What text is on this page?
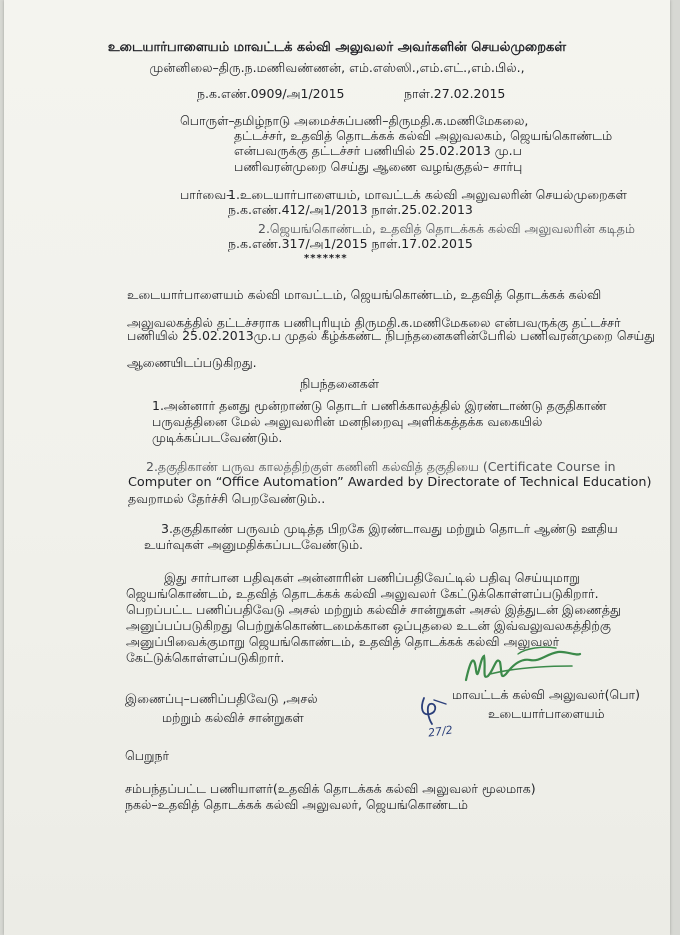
உடையார்பாளையம் மாவட்டக் கல்வி அலுவலர் அவர்களின் செயல்முறைகள்
முன்னிலை–திரு.ந.மணிவண்ணன், எம்.எஸ்ஸி.,எம்.எட்.,எம்.பில்.,
ந.க.எண்.0909/அ1/2015	நாள்.27.02.2015
பொருள்– தமிழ்நாடு அமைச்சுப்பணி–திருமதி.க.மணிமேகலை,
தட்டச்சர், உதவித் தொடக்கக் கல்வி அலுவலகம், ஜெயங்கொண்டம்
என்பவருக்கு தட்டச்சர் பணியில் 25.02.2013 மு.ப
பணிவரன்முறை செய்து ஆணை வழங்குதல்– சார்பு
பார்வை–
1.உடையார்பாளையம், மாவட்டக் கல்வி அலுவலரின் செயல்முறைகள்
ந.க.எண்.412/அ1/2013 நாள்.25.02.2013
2.ஜெயங்கொண்டம், உதவித் தொடக்கக் கல்வி அலுவலரின் கடிதம்
ந.க.எண்.317/அ1/2015 நாள்.17.02.2015
*******
உடையார்பாளையம் கல்வி மாவட்டம், ஜெயங்கொண்டம், உதவித் தொடக்கக் கல்வி
அலுவலகத்தில் தட்டச்சராக பணிபுரியும் திருமதி.க.மணிமேகலை என்பவருக்கு தட்டச்சர்
பணியில் 25.02.2013மு.ப முதல் கீழ்க்கண்ட நிபந்தனைகளின்பேரில் பணிவரன்முறை செய்து
ஆணையிடப்படுகிறது.
நிபந்தனைகள்
1.அன்னார் தனது மூன்றாண்டு தொடர் பணிக்காலத்தில் இரண்டாண்டு தகுதிகாண்
பருவத்தினை மேல் அலுவலரின் மனநிறைவு அளிக்கத்தக்க வகையில்
முடிக்கப்படவேண்டும்.
2.தகுதிகாண் பருவ காலத்திற்குள் கணினி கல்வித் தகுதியை (Certificate Course in
Computer on “Office Automation” Awarded by Directorate of Technical Education)
தவறாமல் தேர்ச்சி பெறவேண்டும்..
3.தகுதிகாண் பருவம் முடித்த பிறகே இரண்டாவது மற்றும் தொடர் ஆண்டு ஊதிய
உயர்வுகள் அனுமதிக்கப்படவேண்டும்.
இது சார்பான பதிவுகள் அன்னாரின் பணிப்பதிவேட்டில் பதிவு செய்யுமாறு
ஜெயங்கொண்டம், உதவித் தொடக்கக் கல்வி அலுவலர் கேட்டுக்கொள்ளப்படுகிறார்.
பெறப்பட்ட பணிப்பதிவேடு அசல் மற்றும் கல்விச் சான்றுகள் அசல் இத்துடன் இணைத்து
அனுப்பப்படுகிறது பெற்றுக்கொண்டமைக்கான ஒப்புதலை உடன் இவ்வலுவலகத்திற்கு
அனுப்பிவைக்குமாறு ஜெயங்கொண்டம், உதவித் தொடக்கக் கல்வி அலுவலர்
கேட்டுக்கொள்ளப்படுகிறார்.
இணைப்பு–பணிப்பதிவேடு ,அசல்
மற்றும் கல்விச் சான்றுகள்
மாவட்டக் கல்வி அலுவலர்(பொ)
உடையார்பாளையம்
27/2
பெறுநர்
சம்பந்தப்பட்ட பணியாளர்(உதவிக் தொடக்கக் கல்வி அலுவலர் மூலமாக)
நகல்–உதவித் தொடக்கக் கல்வி அலுவலர், ஜெயங்கொண்டம்
